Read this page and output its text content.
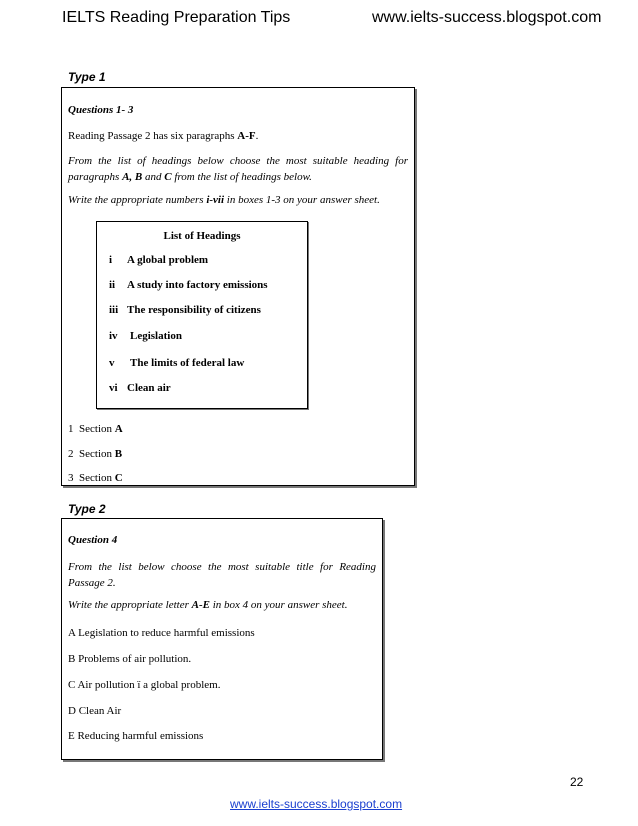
IELTS Reading Preparation Tips	www.ielts-success.blogspot.com
Type 1
Questions 1- 3
Reading Passage 2 has six paragraphs A-F.
From the list of headings below choose the most suitable heading for paragraphs A, B and C from the list of headings below.
Write the appropriate numbers i-vii in boxes 1-3 on your answer sheet.
List of Headings
i A global problem
ii A study into factory emissions
iii The responsibility of citizens
iv Legislation
v The limits of federal law
vi Clean air
1 Section A
2 Section B
3 Section C
Type 2
Question 4
From the list below choose the most suitable title for Reading Passage 2.
Write the appropriate letter A-E in box 4 on your answer sheet.
A Legislation to reduce harmful emissions
B Problems of air pollution.
C Air pollution ï a global problem.
D Clean Air
E Reducing harmful emissions
22
www.ielts-success.blogspot.com
